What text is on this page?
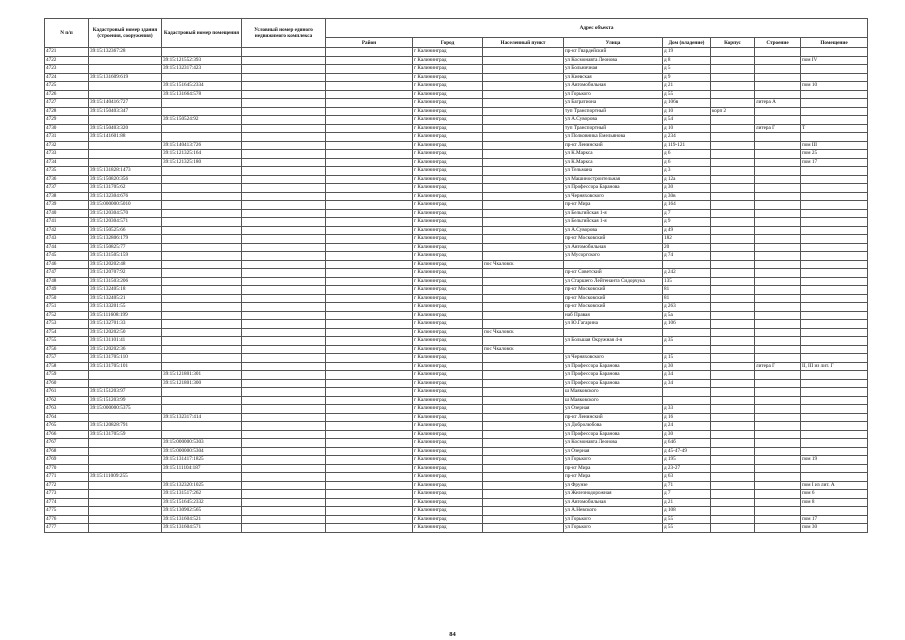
N п/п	Кадастровый номер здания (строения, сооружения)	Кадастровый номер помещения	Условный номер единого недвижимого комплекса	Адрес объекта							
				Район	Город	Населенный пункт	Улица	Дом (владение)	Корпус	Строение	Помещение
4721	39:15:132367:28				г Калининград		пр-кт Гвардейский	д 19			
4722		39:15:121552:393			г Калининград		ул Космонавта Леонова	д 8			пом IV
4723		39:15:132317:423			г Калининград		ул Больничная	д 5			
4724	39:15:131609:619				г Калининград		ул Киевская	д 9			
4725		39:15:151645:2334			г Калининград		ул Автомобильная	д 21			пом 10
4726		39:15:131664:578			г Калининград		ул Горького	д 55			
4727	39:15:140416:727				г Калининград		ул Багратиона	д 106в		литера А	
4728	39:15:150403:347				г Калининград		туп Транспортный	д 10	корп 2		
4729		39:15:150524:92			г Калининград		ул А.Суворова	д 54			
4730	39:15:150403:320				г Калининград		туп Транспортный	д 10		литера Г	Т
4731	39:15:141601:88				г Калининград		ул Полковника Емельянова	д 234			
4732		39:15:140413:726			г Калининград		пр-кт Ленинский	д 119-121			пом III
4733		39:15:121325:164			г Калининград		ул К.Маркса	д 6			пом 25
4734		39:15:121325:180			г Калининград		ул К.Маркса	д 6			пом 17
4735	39:15:131828:1473				г Калининград		ул Тельмана	д 3			
4736	39:15:150820:356				г Калининград		ул Машиностроительная	д 12а			
4737	39:15:131705:62				г Калининград		ул Профессора Баранова	д 30			
4738	39:15:132304:676				г Калининград		ул Черняховского	д 30в			
4739	39:15:000000:5010				г Калининград		пр-кт Мира	д 164			
4740	39:15:120304:570				г Калининград		ул Бельгийская 1-я	д 7			
4741	39:15:120304:571				г Калининград		ул Бельгийская 1-я	д 9			
4742	39:15:150525:66				г Калининград		ул А.Суворова	д 49			
4743	39:15:132806:179				г Калининград		пр-кт Московский	182			
4744	39:15:150825:77				г Калининград		ул Автомобильная	20			
4745	39:15:131505:159				г Калининград		ул Мусоргского	д 74			
4746	39:15:120202:48				г Калининград	пос Чкаловск					
4747	39:15:120707:92				г Калининград		пр-кт Советский	д 242			
4748	39:15:131503:206				г Калининград		ул Старшего Лейтенанта Сидорчука	135			
4749	39:15:132405:18				г Калининград		пр-кт Московский	81			
4750	39:15:132405:21				г Калининград		пр-кт Московский	81			
4751	39:15:133201:55				г Калининград		пр-кт Московский	д 263			
4752	39:15:111608:199				г Калининград		наб Правая	д 5а			
4753	39:15:132701:33				г Калининград		ул Ю.Гагарина	д 106			
4754	39:15:120202:50				г Калининград	пос Чкаловск					
4755	39:15:131101:41				г Калининград		ул Большая Окружная 4-я	д 35			
4756	39:15:120202:36				г Калининград	пос Чкаловск					
4757	39:15:131705:110				г Калининград		ул Черняховского	д 15			
4758	39:15:131705:101				г Калининград		ул Профессора Баранова	д 30		литера Г	II, III из лит. Г
4759		39:15:121801:301			г Калининград		ул Профессора Баранова	д 34			
4760		39:15:121801:300			г Калининград		ул Профессора Баранова	д 34			
4761	39:15:151203:97				г Калининград		ш Маяковского				
4762	39:15:151203:99				г Калининград		ш Маяковского				
4763	39:15:000000:5375				г Калининград		ул Озерная	д 33			
4764		39:15:132317:414			г Калининград		пр-кт Ленинский	д 16			
4765	39:15:120828:791				г Калининград		ул Добролюбова	д 24			
4766	39:15:131705:59				г Калининград		ул Профессора Баранова	д 30			
4767		39:15:000000:5303			г Калининград		ул Космонавта Леонова	д 64б			
4768		39:15:000000:5304			г Калининград		ул Озерная	д 45-47-49			
4769		39:15:131417:1825			г Калининград		ул Горького	д 195			пом 19
4770		39:15:111104:187			г Калининград		пр-кт Мира	д 23-27			
4771	39:15:111009:255				г Калининград		пр-кт Мира	д 63			
4772		39:15:132320:1025			г Калининград		ул Фрунзе	д 71			пом I из лит. А
4773		39:15:131517:262			г Калининград		ул Железнодорожная	д 7			пом 6
4774		39:15:151645:2332			г Калининград		ул Автомобильная	д 21			пом 8
4775		39:15:130902:565			г Калининград		ул А.Невского	д 108			
4776		39:15:131604:521			г Калининград		ул Горького	д 55			пом 17
4777		39:15:131604:571			г Калининград		ул Горького	д 55			пом 30
84
